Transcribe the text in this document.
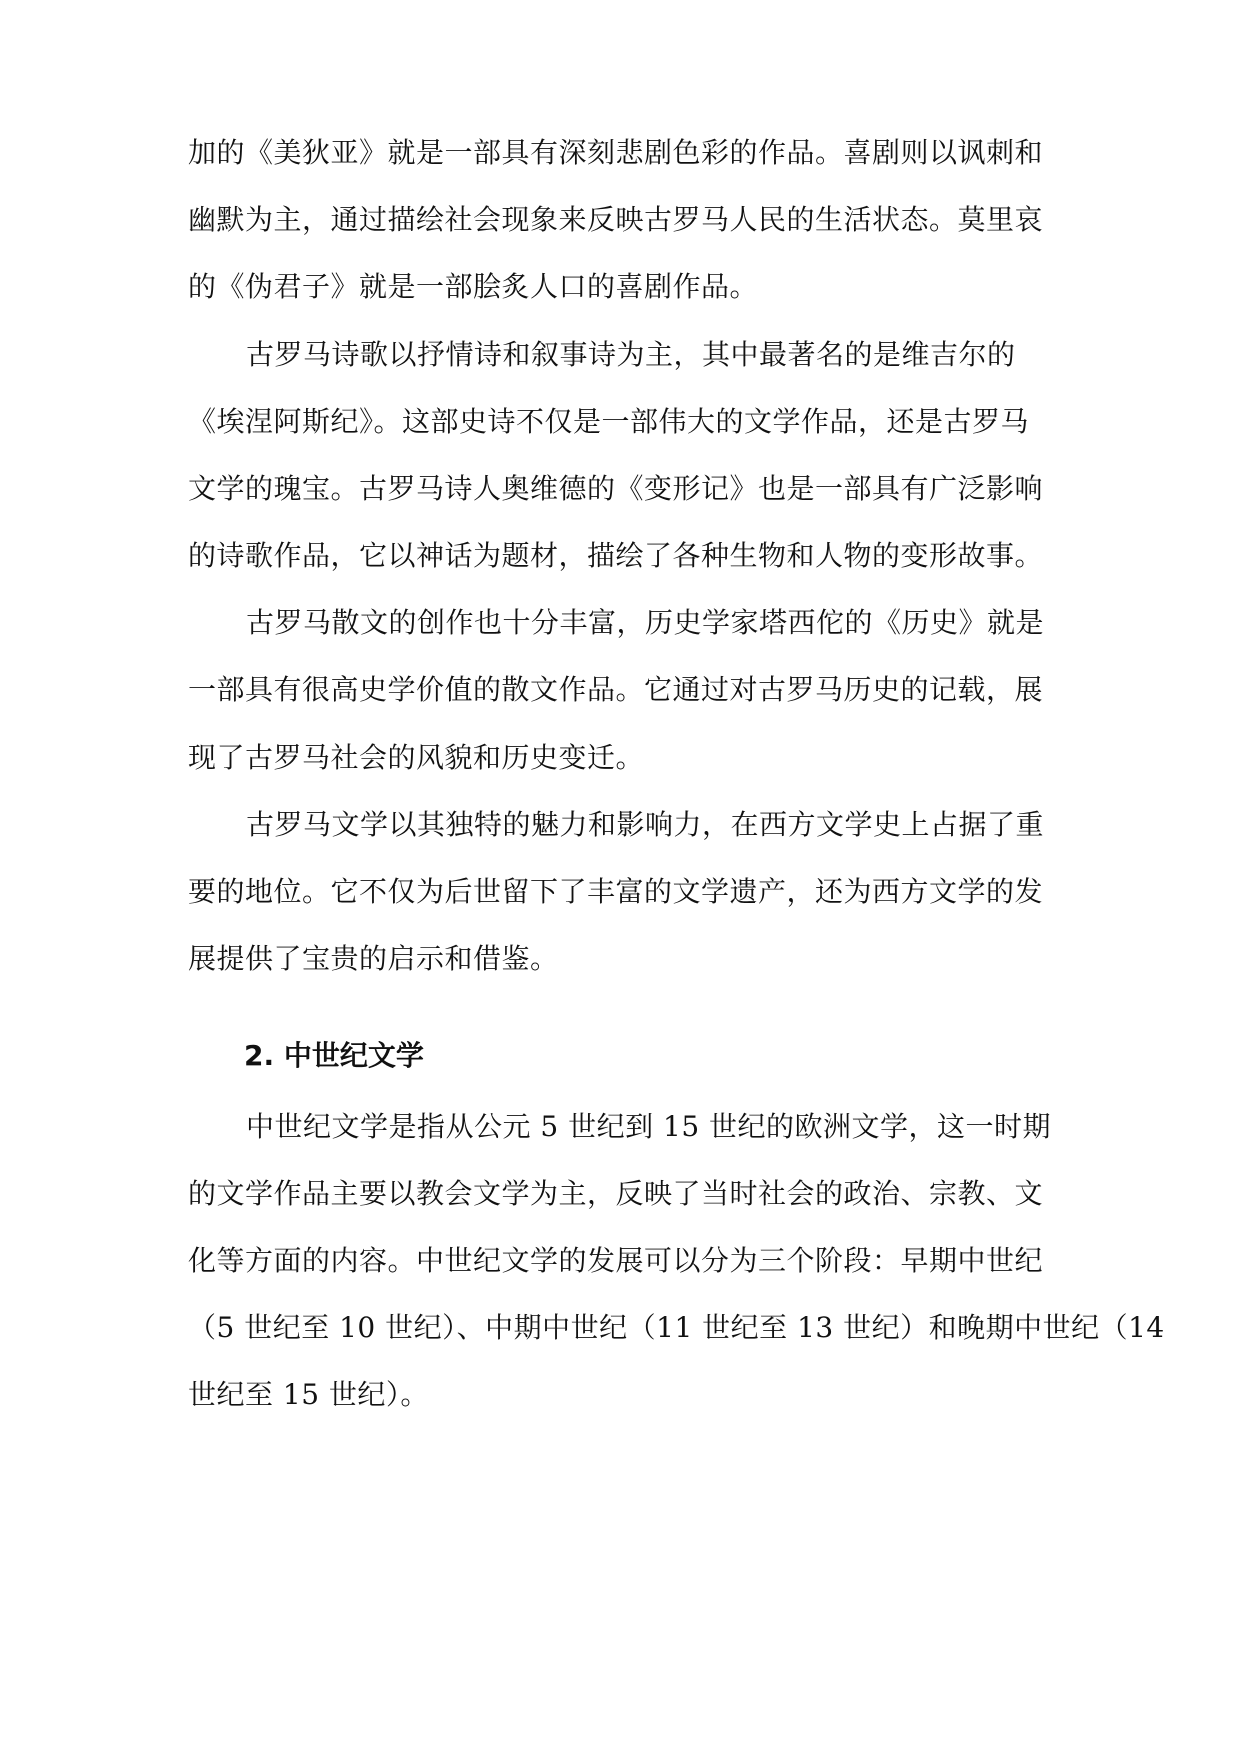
加的《美狄亚》就是一部具有深刻悲剧色彩的作品。喜剧则以讽刺和
幽默为主，通过描绘社会现象来反映古罗马人民的生活状态。莫里哀
的《伪君子》就是一部脍炙人口的喜剧作品。
古罗马诗歌以抒情诗和叙事诗为主，其中最著名的是维吉尔的
《埃涅阿斯纪》。这部史诗不仅是一部伟大的文学作品，还是古罗马
文学的瑰宝。古罗马诗人奥维德的《变形记》也是一部具有广泛影响
的诗歌作品，它以神话为题材，描绘了各种生物和人物的变形故事。
古罗马散文的创作也十分丰富，历史学家塔西佗的《历史》就是
一部具有很高史学价值的散文作品。它通过对古罗马历史的记载，展
现了古罗马社会的风貌和历史变迁。
古罗马文学以其独特的魅力和影响力，在西方文学史上占据了重
要的地位。它不仅为后世留下了丰富的文学遗产，还为西方文学的发
展提供了宝贵的启示和借鉴。
2. 中世纪文学
中世纪文学是指从公元 5 世纪到 15 世纪的欧洲文学，这一时期
的文学作品主要以教会文学为主，反映了当时社会的政治、宗教、文
化等方面的内容。中世纪文学的发展可以分为三个阶段：早期中世纪
（5 世纪至 10 世纪）、中期中世纪（11 世纪至 13 世纪）和晚期中世纪（14
世纪至 15 世纪）。
